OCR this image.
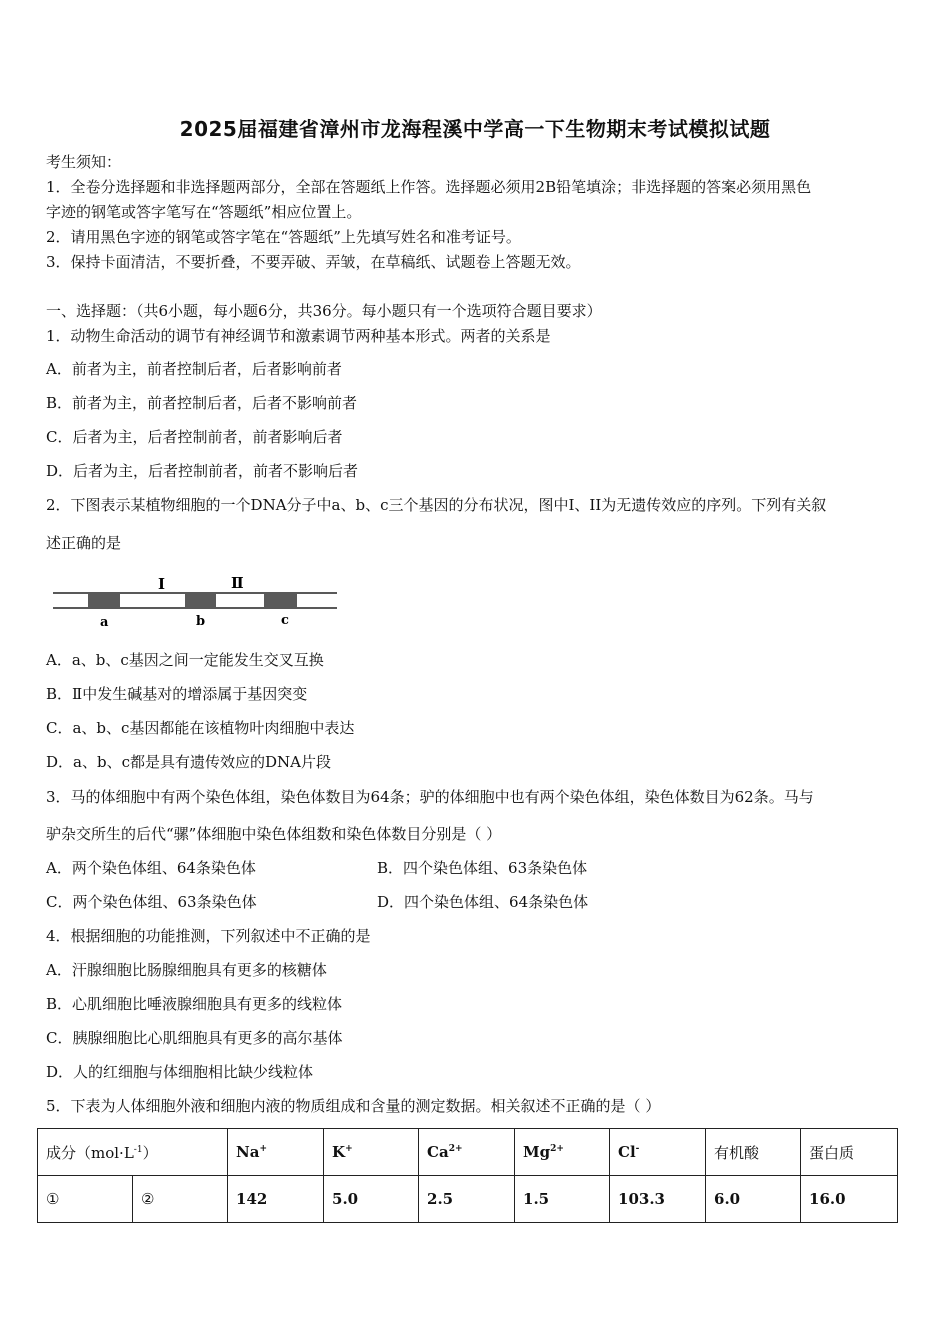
2025届福建省漳州市龙海程溪中学高一下生物期末考试模拟试题
考生须知：
1．全卷分选择题和非选择题两部分，全部在答题纸上作答。选择题必须用2B铅笔填涂；非选择题的答案必须用黑色
字迹的钢笔或答字笔写在“答题纸”相应位置上。
2．请用黑色字迹的钢笔或答字笔在“答题纸”上先填写姓名和准考证号。
3．保持卡面清洁，不要折叠，不要弄破、弄皱，在草稿纸、试题卷上答题无效。
一、选择题：（共6小题，每小题6分，共36分。每小题只有一个选项符合题目要求）
1．动物生命活动的调节有神经调节和激素调节两种基本形式。两者的关系是
A．前者为主，前者控制后者，后者影响前者
B．前者为主，前者控制后者，后者不影响前者
C．后者为主，后者控制前者，前者影响后者
D．后者为主，后者控制前者，前者不影响后者
2．下图表示某植物细胞的一个DNA分子中a、b、c三个基因的分布状况，图中I、II为无遗传效应的序列。下列有关叙
述正确的是
I	Ⅱ
a	b	c
A．a、b、c基因之间一定能发生交叉互换
B．Ⅱ中发生碱基对的增添属于基因突变
C．a、b、c基因都能在该植物叶肉细胞中表达
D．a、b、c都是具有遗传效应的DNA片段
3．马的体细胞中有两个染色体组，染色体数目为64条；驴的体细胞中也有两个染色体组，染色体数目为62条。马与
驴杂交所生的后代“骡”体细胞中染色体组数和染色体数目分别是（ ）
A．两个染色体组、64条染色体	B．四个染色体组、63条染色体
C．两个染色体组、63条染色体	D．四个染色体组、64条染色体
4．根据细胞的功能推测，下列叙述中不正确的是
A．汗腺细胞比肠腺细胞具有更多的核糖体
B．心肌细胞比唾液腺细胞具有更多的线粒体
C．胰腺细胞比心肌细胞具有更多的高尔基体
D．人的红细胞与体细胞相比缺少线粒体
5．下表为人体细胞外液和细胞内液的物质组成和含量的测定数据。相关叙述不正确的是（ ）
成分$(mol\cdot L^{-1})$		Na+	K+	$Ca^{2+}$	$Mg^{2+}$	Cl-	有机酸	蛋白质
①	②	142	5.0	2.5	1.5	103.3	6.0	16.0
